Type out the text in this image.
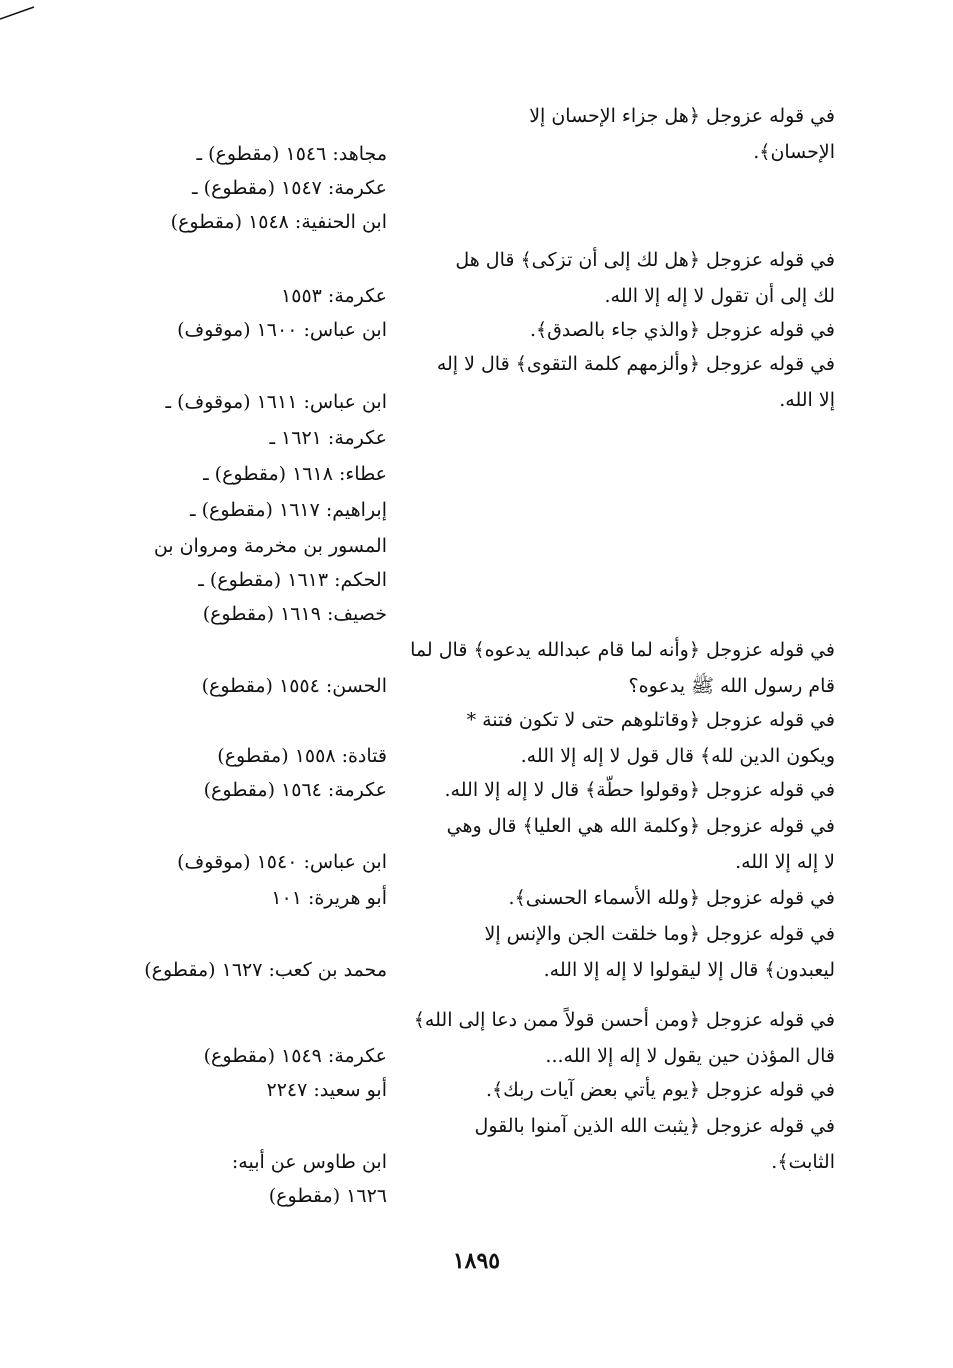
في قوله عزوجل ﴿هل جزاء الإحسان إلا
الإحسان﴾.
في قوله عزوجل ﴿هل لك إلى أن تزكى﴾ قال هل
لك إلى أن تقول لا إله إلا الله.
في قوله عزوجل ﴿والذي جاء بالصدق﴾.
في قوله عزوجل ﴿وألزمهم كلمة التقوى﴾ قال لا إله
إلا الله.
في قوله عزوجل ﴿وأنه لما قام عبدالله يدعوه﴾ قال لما
قام رسول الله ﷺ يدعوه؟
في قوله عزوجل ﴿وقاتلوهم حتى لا تكون فتنة *
ويكون الدين لله﴾ قال قول لا إله إلا الله.
في قوله عزوجل ﴿وقولوا حطّة﴾ قال لا إله إلا الله.
في قوله عزوجل ﴿وكلمة الله هي العليا﴾ قال وهي
لا إله إلا الله.
في قوله عزوجل ﴿ولله الأسماء الحسنى﴾.
في قوله عزوجل ﴿وما خلقت الجن والإنس إلا
ليعبدون﴾ قال إلا ليقولوا لا إله إلا الله.
في قوله عزوجل ﴿ومن أحسن قولاً ممن دعا إلى الله﴾
قال المؤذن حين يقول لا إله إلا الله...
في قوله عزوجل ﴿يوم يأتي بعض آيات ربك﴾.
في قوله عزوجل ﴿يثبت الله الذين آمنوا بالقول
الثابت﴾.
مجاهد: ١٥٤٦ (مقطوع) ـ
عكرمة: ١٥٤٧ (مقطوع) ـ
ابن الحنفية: ١٥٤٨ (مقطوع)
عكرمة: ١٥٥٣
ابن عباس: ١٦٠٠ (موقوف)
ابن عباس: ١٦١١ (موقوف) ـ
عكرمة: ١٦٢١ ـ
عطاء: ١٦١٨ (مقطوع) ـ
إبراهيم: ١٦١٧ (مقطوع) ـ
المسور بن مخرمة ومروان بن
الحكم: ١٦١٣ (مقطوع) ـ
خصيف: ١٦١٩ (مقطوع)
الحسن: ١٥٥٤ (مقطوع)
قتادة: ١٥٥٨ (مقطوع)
عكرمة: ١٥٦٤ (مقطوع)
ابن عباس: ١٥٤٠ (موقوف)
أبو هريرة: ١٠١
محمد بن كعب: ١٦٢٧ (مقطوع)
عكرمة: ١٥٤٩ (مقطوع)
أبو سعيد: ٢٢٤٧
ابن طاوس عن أبيه:
١٦٢٦ (مقطوع)
١٨٩٥
